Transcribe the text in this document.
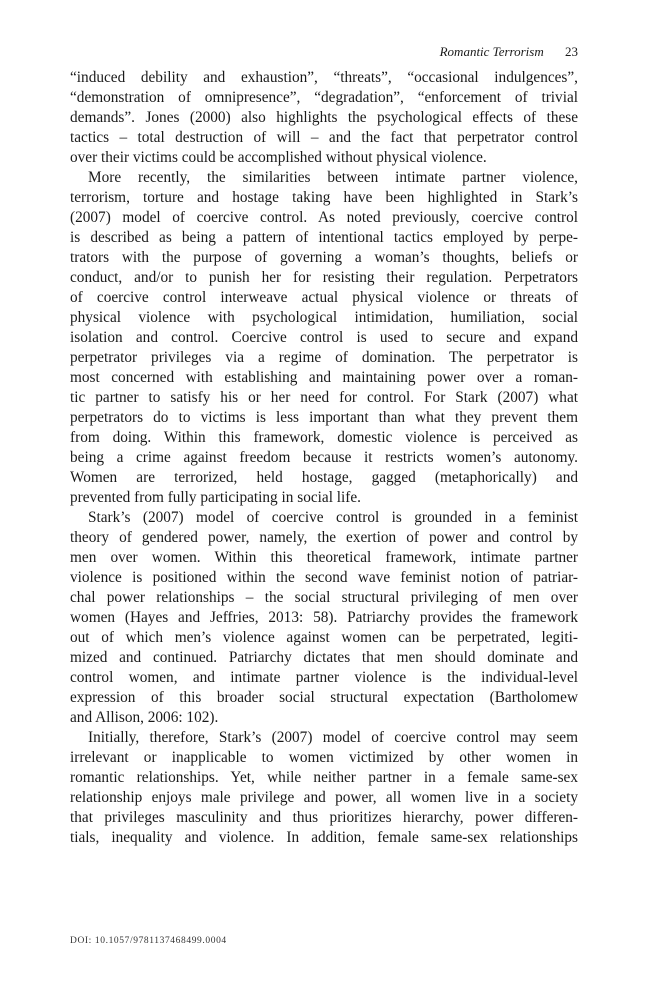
Romantic Terrorism 23
“induced debility and exhaustion”, “threats”, “occasional indulgences”,
“demonstration of omnipresence”, “degradation”, “enforcement of trivial
demands”. Jones (2000) also highlights the psychological effects of these
tactics – total destruction of will – and the fact that perpetrator control
over their victims could be accomplished without physical violence.
More recently, the similarities between intimate partner violence,
terrorism, torture and hostage taking have been highlighted in Stark’s
(2007) model of coercive control. As noted previously, coercive control
is described as being a pattern of intentional tactics employed by perpe-
trators with the purpose of governing a woman’s thoughts, beliefs or
conduct, and/or to punish her for resisting their regulation. Perpetrators
of coercive control interweave actual physical violence or threats of
physical violence with psychological intimidation, humiliation, social
isolation and control. Coercive control is used to secure and expand
perpetrator privileges via a regime of domination. The perpetrator is
most concerned with establishing and maintaining power over a roman-
tic partner to satisfy his or her need for control. For Stark (2007) what
perpetrators do to victims is less important than what they prevent them
from doing. Within this framework, domestic violence is perceived as
being a crime against freedom because it restricts women’s autonomy.
Women are terrorized, held hostage, gagged (metaphorically) and
prevented from fully participating in social life.
Stark’s (2007) model of coercive control is grounded in a feminist
theory of gendered power, namely, the exertion of power and control by
men over women. Within this theoretical framework, intimate partner
violence is positioned within the second wave feminist notion of patriar-
chal power relationships – the social structural privileging of men over
women (Hayes and Jeffries, 2013: 58). Patriarchy provides the framework
out of which men’s violence against women can be perpetrated, legiti-
mized and continued. Patriarchy dictates that men should dominate and
control women, and intimate partner violence is the individual-level
expression of this broader social structural expectation (Bartholomew
and Allison, 2006: 102).
Initially, therefore, Stark’s (2007) model of coercive control may seem
irrelevant or inapplicable to women victimized by other women in
romantic relationships. Yet, while neither partner in a female same-sex
relationship enjoys male privilege and power, all women live in a society
that privileges masculinity and thus prioritizes hierarchy, power differen-
tials, inequality and violence. In addition, female same-sex relationships
DOI: 10.1057/9781137468499.0004
